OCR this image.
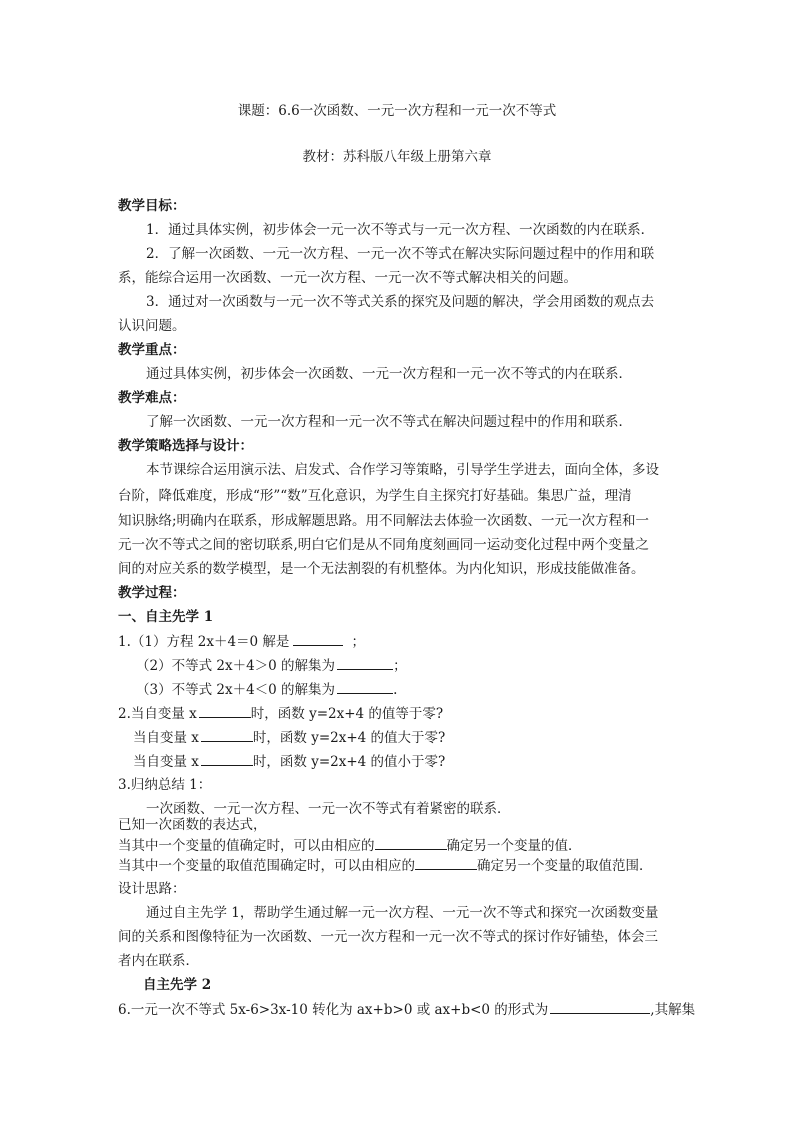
课题：6.6一次函数、一元一次方程和一元一次不等式
教材：苏科版八年级上册第六章
教学目标：
1．通过具体实例，初步体会一元一次不等式与一元一次方程、一次函数的内在联系．
2．了解一次函数、一元一次方程、一元一次不等式在解决实际问题过程中的作用和联
系，能综合运用一次函数、一元一次方程、一元一次不等式解决相关的问题。
3．通过对一次函数与一元一次不等式关系的探究及问题的解决，学会用函数的观点去
认识问题。
教学重点：
通过具体实例，初步体会一次函数、一元一次方程和一元一次不等式的内在联系．
教学难点：
了解一次函数、一元一次方程和一元一次不等式在解决问题过程中的作用和联系．
教学策略选择与设计：
本节课综合运用演示法、启发式、合作学习等策略，引导学生学进去，面向全体，多设
台阶，降低难度，形成“形”“数”互化意识，为学生自主探究打好基础。集思广益，理清
知识脉络;明确内在联系，形成解题思路。用不同解法去体验一次函数、一元一次方程和一
元一次不等式之间的密切联系,明白它们是从不同角度刻画同一运动变化过程中两个变量之
间的对应关系的数学模型，是一个无法割裂的有机整体。为内化知识，形成技能做准备。
教学过程：
一、自主先学 1
1.（1）方程 2x＋4＝0 解是	；
（2）不等式 2x＋4＞0 的解集为	；
（3）不等式 2x＋4＜0 的解集为	.
2.当自变量 x	时，函数 y=2x+4 的值等于零?
当自变量 x	时，函数 y=2x+4 的值大于零?
当自变量 x	时，函数 y=2x+4 的值小于零?
3.归纳总结 1：
一次函数、一元一次方程、一元一次不等式有着紧密的联系．
已知一次函数的表达式，
当其中一个变量的值确定时，可以由相应的	确定另一个变量的值．
当其中一个变量的取值范围确定时，可以由相应的	确定另一个变量的取值范围．
设计思路：
通过自主先学 1，帮助学生通过解一元一次方程、一元一次不等式和探究一次函数变量
间的关系和图像特征为一次函数、一元一次方程和一元一次不等式的探讨作好铺垫，体会三
者内在联系．
自主先学 2
6.一元一次不等式 5x-6>3x-10 转化为 ax+b>0 或 ax+b<0 的形式为	,其解集
